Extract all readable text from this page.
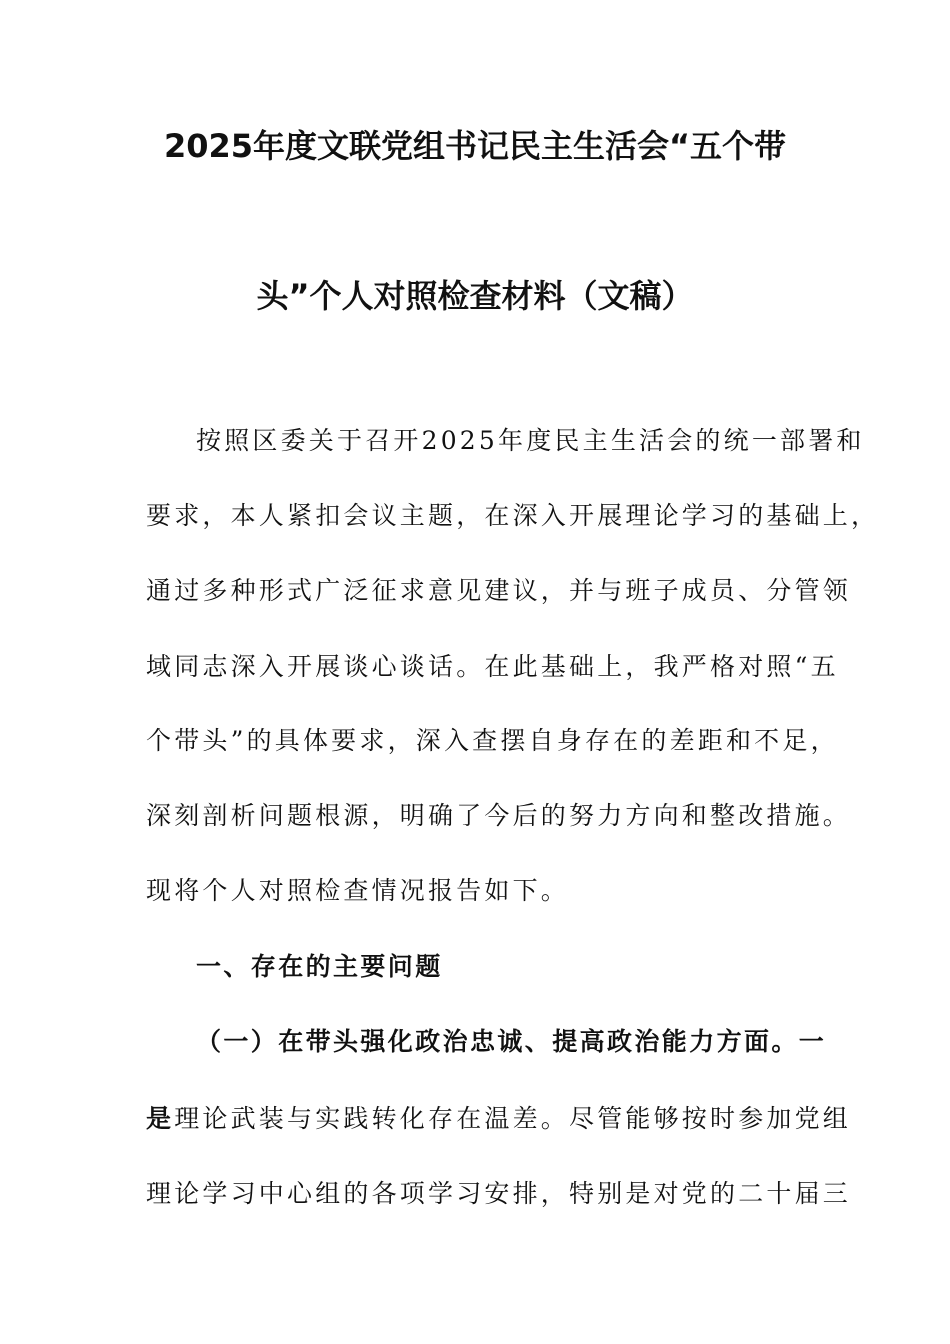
2025年度文联党组书记民主生活会“五个带
头”个人对照检查材料（文稿）
按照区委关于召开2025年度民主生活会的统一部署和
要求，本人紧扣会议主题，在深入开展理论学习的基础上，
通过多种形式广泛征求意见建议，并与班子成员、分管领
域同志深入开展谈心谈话。在此基础上，我严格对照“五
个带头”的具体要求，深入查摆自身存在的差距和不足，
深刻剖析问题根源，明确了今后的努力方向和整改措施。
现将个人对照检查情况报告如下。
一、存在的主要问题
（一）在带头强化政治忠诚、提高政治能力方面。一
是理论武装与实践转化存在温差。尽管能够按时参加党组
理论学习中心组的各项学习安排，特别是对党的二十届三
